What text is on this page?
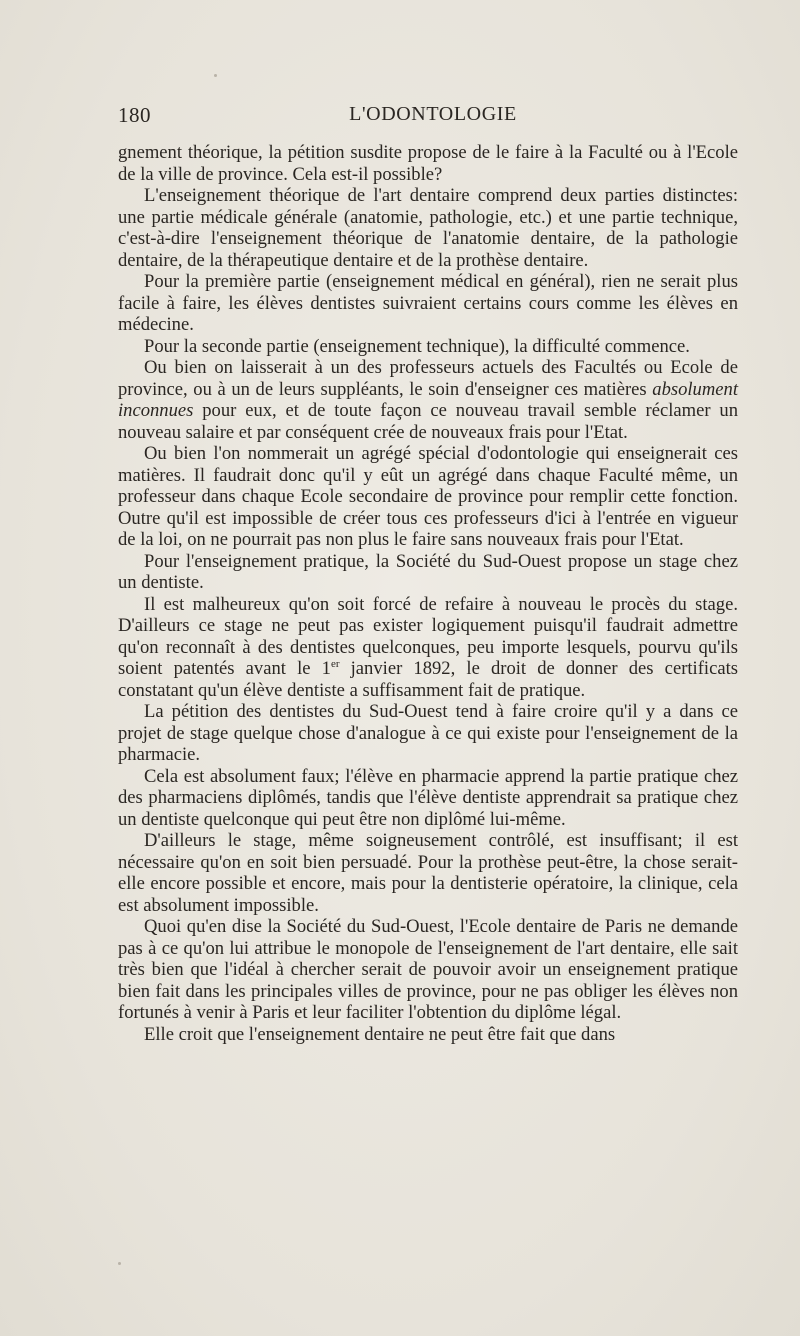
180	L'ODONTOLOGIE

gnement théorique, la pétition susdite propose de le faire à la Faculté ou à l'Ecole de la ville de province. Cela est-il possible?

L'enseignement théorique de l'art dentaire comprend deux parties distinctes: une partie médicale générale (anatomie, pathologie, etc.) et une partie technique, c'est-à-dire l'enseignement théorique de l'anatomie dentaire, de la pathologie dentaire, de la thérapeutique dentaire et de la prothèse dentaire.

Pour la première partie (enseignement médical en général), rien ne serait plus facile à faire, les élèves dentistes suivraient certains cours comme les élèves en médecine.

Pour la seconde partie (enseignement technique), la difficulté commence.

Ou bien on laisserait à un des professeurs actuels des Facultés ou Ecole de province, ou à un de leurs suppléants, le soin d'enseigner ces matières absolument inconnues pour eux, et de toute façon ce nouveau travail semble réclamer un nouveau salaire et par conséquent crée de nouveaux frais pour l'Etat.

Ou bien l'on nommerait un agrégé spécial d'odontologie qui enseignerait ces matières. Il faudrait donc qu'il y eût un agrégé dans chaque Faculté même, un professeur dans chaque Ecole secondaire de province pour remplir cette fonction. Outre qu'il est impossible de créer tous ces professeurs d'ici à l'entrée en vigueur de la loi, on ne pourrait pas non plus le faire sans nouveaux frais pour l'Etat.

Pour l'enseignement pratique, la Société du Sud-Ouest propose un stage chez un dentiste.

Il est malheureux qu'on soit forcé de refaire à nouveau le procès du stage. D'ailleurs ce stage ne peut pas exister logiquement puisqu'il faudrait admettre qu'on reconnaît à des dentistes quelconques, peu importe lesquels, pourvu qu'ils soient patentés avant le 1er janvier 1892, le droit de donner des certificats constatant qu'un élève dentiste a suffisamment fait de pratique.

La pétition des dentistes du Sud-Ouest tend à faire croire qu'il y a dans ce projet de stage quelque chose d'analogue à ce qui existe pour l'enseignement de la pharmacie.

Cela est absolument faux; l'élève en pharmacie apprend la partie pratique chez des pharmaciens diplômés, tandis que l'élève dentiste apprendrait sa pratique chez un dentiste quelconque qui peut être non diplômé lui-même.

D'ailleurs le stage, même soigneusement contrôlé, est insuffisant; il est nécessaire qu'on en soit bien persuadé. Pour la prothèse peut-être, la chose serait-elle encore possible et encore, mais pour la dentisterie opératoire, la clinique, cela est absolument impossible.

Quoi qu'en dise la Société du Sud-Ouest, l'Ecole dentaire de Paris ne demande pas à ce qu'on lui attribue le monopole de l'enseignement de l'art dentaire, elle sait très bien que l'idéal à chercher serait de pouvoir avoir un enseignement pratique bien fait dans les principales villes de province, pour ne pas obliger les élèves non fortunés à venir à Paris et leur faciliter l'obtention du diplôme légal.

Elle croit que l'enseignement dentaire ne peut être fait que dans
